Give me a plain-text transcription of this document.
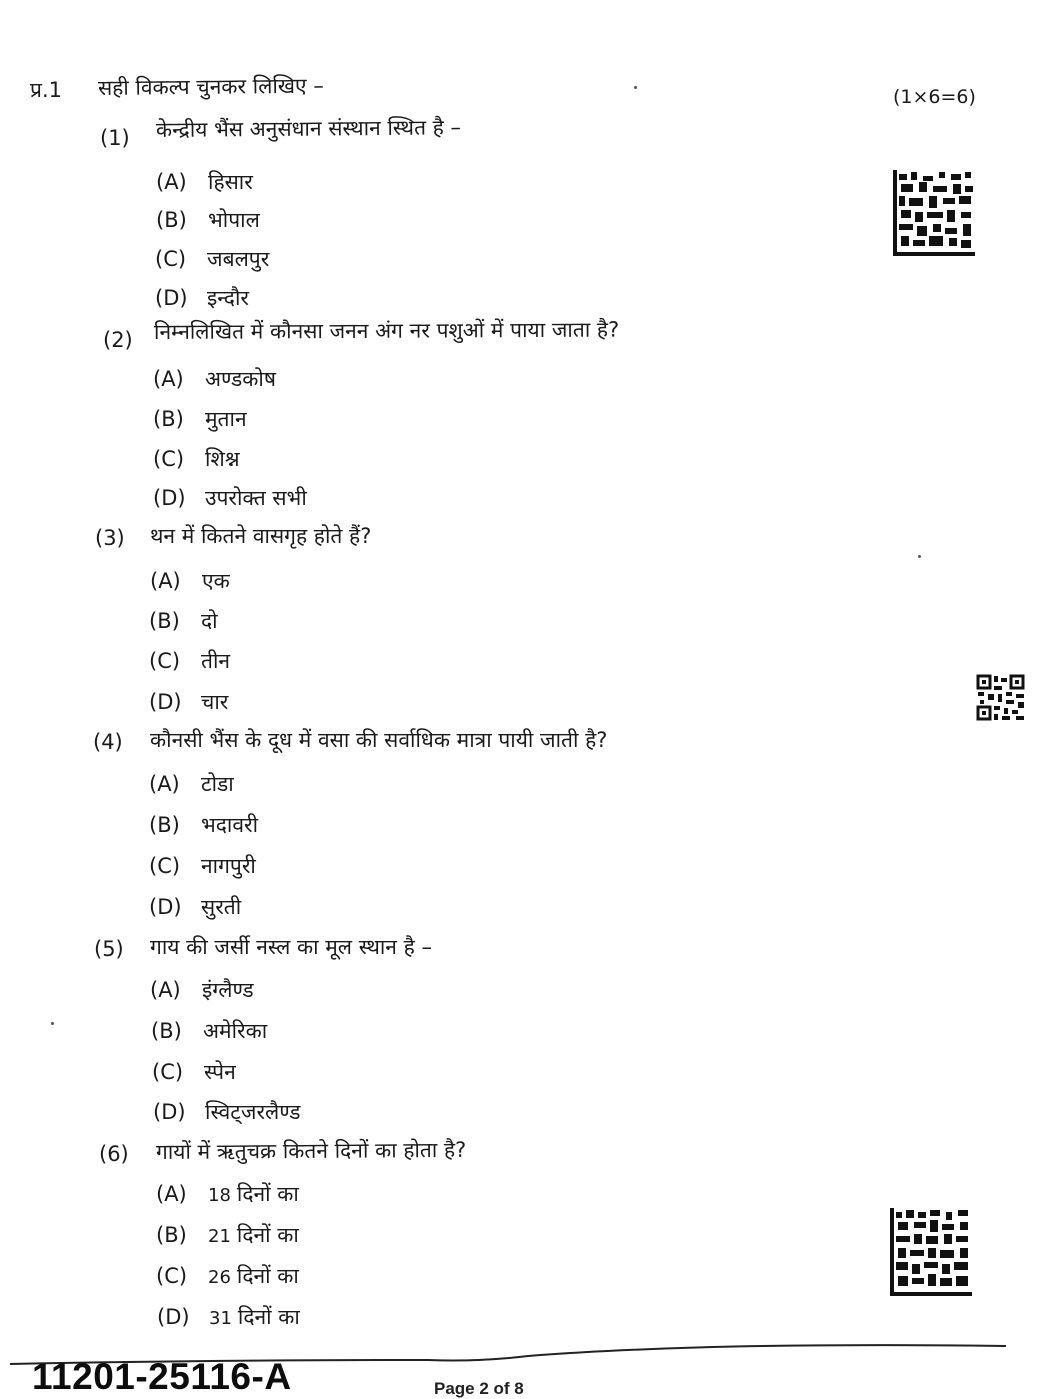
प्र.1 सही विकल्प चुनकर लिखिए –	(1×6=6)
(1)	केन्द्रीय भैंस अनुसंधान संस्थान स्थित है –
(A) हिसार
(B) भोपाल
(C) जबलपुर
(D) इन्दौर
(2)	निम्नलिखित में कौनसा जनन अंग नर पशुओं में पाया जाता है?
(A) अण्डकोष
(B) मुतान
(C) शिश्न
(D) उपरोक्त सभी
(3)	थन में कितने वासगृह होते हैं?
(A) एक
(B) दो
(C) तीन
(D) चार
(4)	कौनसी भैंस के दूध में वसा की सर्वाधिक मात्रा पायी जाती है?
(A) टोडा
(B) भदावरी
(C) नागपुरी
(D) सुरती
(5)	गाय की जर्सी नस्ल का मूल स्थान है –
(A) इंग्लैण्ड
(B) अमेरिका
(C) स्पेन
(D) स्विट्जरलैण्ड
(6)	गायों में ऋतुचक्र कितने दिनों का होता है?
(A) 18 दिनों का
(B) 21 दिनों का
(C) 26 दिनों का
(D) 31 दिनों का
11201-25116-A	Page 2 of 8
